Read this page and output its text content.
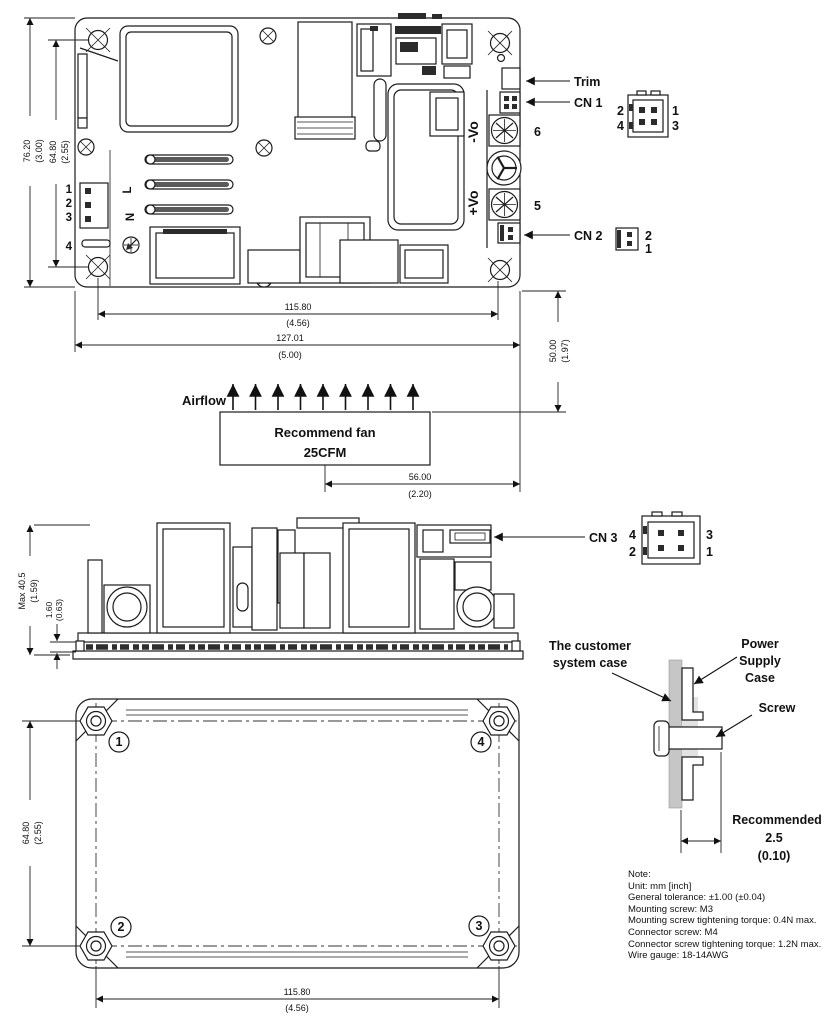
1
2
3
4
L
N
-Vo
+Vo
6
5
Trim
CN 1
CN 2
2
4
1
3
2
1
76.20 (3.00) 64.80 (2.55)
115.80
(4.56)
127.01
(5.00)	50.00 (1.97)
56.00
(2.20)
Airflow
Recommend fan
25CFM
Max 40.5 (1.59)
1.60 (0.63)
CN 3 4
2
3
1
1	4
2	3
64.80 (2.55)
115.80
(4.56)
The customer
system case
Power
Supply
Case
Screw
Recommended
2.5
(0.10)
Note:
Unit: mm [inch]
General tolerance: ±1.00 (±0.04)
Mounting screw: M3
Mounting screw tightening torque: 0.4N max.
Connector screw: M4
Connector screw tightening torque: 1.2N max.
Wire gauge: 18-14AWG
